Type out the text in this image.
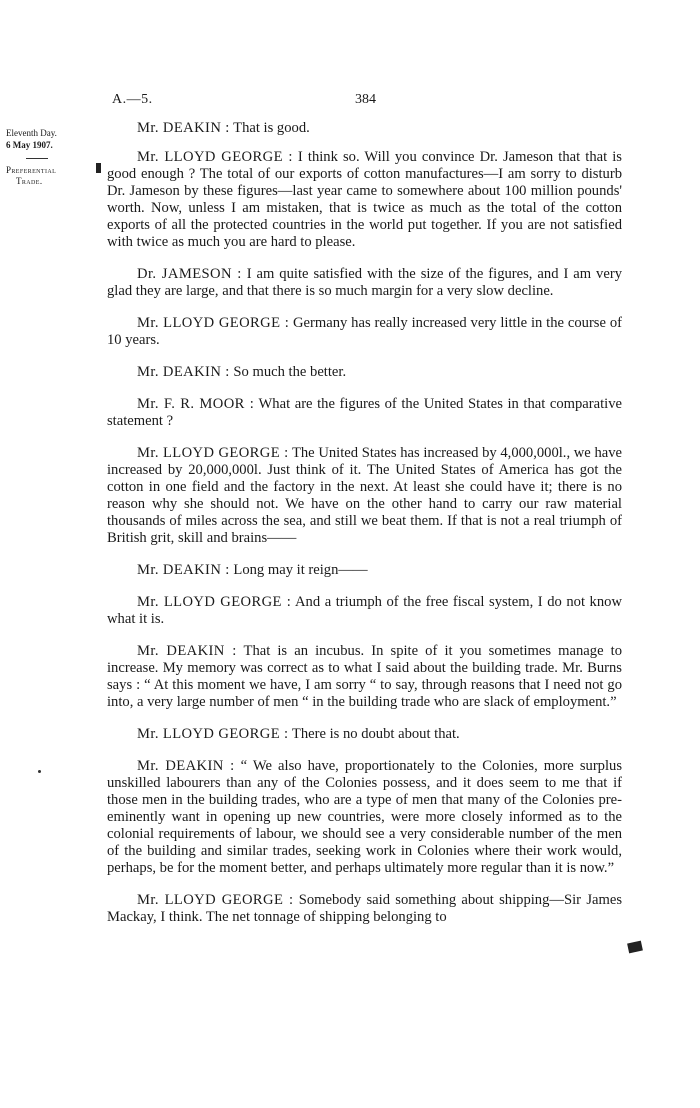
A.—5.	384
Eleventh Day.
6 May 1907.
Preferential
Trade.

Mr. DEAKIN : That is good.

Mr. LLOYD GEORGE : I think so. Will you convince Dr. Jameson that that is good enough ? The total of our exports of cotton manufactures—I am sorry to disturb Dr. Jameson by these figures—last year came to somewhere about 100 million pounds' worth. Now, unless I am mistaken, that is twice as much as the total of the cotton exports of all the protected countries in the world put together. If you are not satisfied with twice as much you are hard to please.

Dr. JAMESON : I am quite satisfied with the size of the figures, and I am very glad they are large, and that there is so much margin for a very slow decline.

Mr. LLOYD GEORGE : Germany has really increased very little in the course of 10 years.

Mr. DEAKIN : So much the better.

Mr. F. R. MOOR : What are the figures of the United States in that comparative statement ?

Mr. LLOYD GEORGE : The United States has increased by 4,000,000l., we have increased by 20,000,000l. Just think of it. The United States of America has got the cotton in one field and the factory in the next. At least she could have it; there is no reason why she should not. We have on the other hand to carry our raw material thousands of miles across the sea, and still we beat them. If that is not a real triumph of British grit, skill and brains——

Mr. DEAKIN : Long may it reign——

Mr. LLOYD GEORGE : And a triumph of the free fiscal system, I do not know what it is.

Mr. DEAKIN : That is an incubus. In spite of it you sometimes manage to increase. My memory was correct as to what I said about the building trade. Mr. Burns says : “ At this moment we have, I am sorry “ to say, through reasons that I need not go into, a very large number of men “ in the building trade who are slack of employment.”

Mr. LLOYD GEORGE : There is no doubt about that.

Mr. DEAKIN : “ We also have, proportionately to the Colonies, more surplus unskilled labourers than any of the Colonies possess, and it does seem to me that if those men in the building trades, who are a type of men that many of the Colonies pre-eminently want in opening up new countries, were more closely informed as to the colonial requirements of labour, we should see a very considerable number of the men of the building and similar trades, seeking work in Colonies where their work would, perhaps, be for the moment better, and perhaps ultimately more regular than it is now.”

Mr. LLOYD GEORGE : Somebody said something about shipping—Sir James Mackay, I think. The net tonnage of shipping belonging to
